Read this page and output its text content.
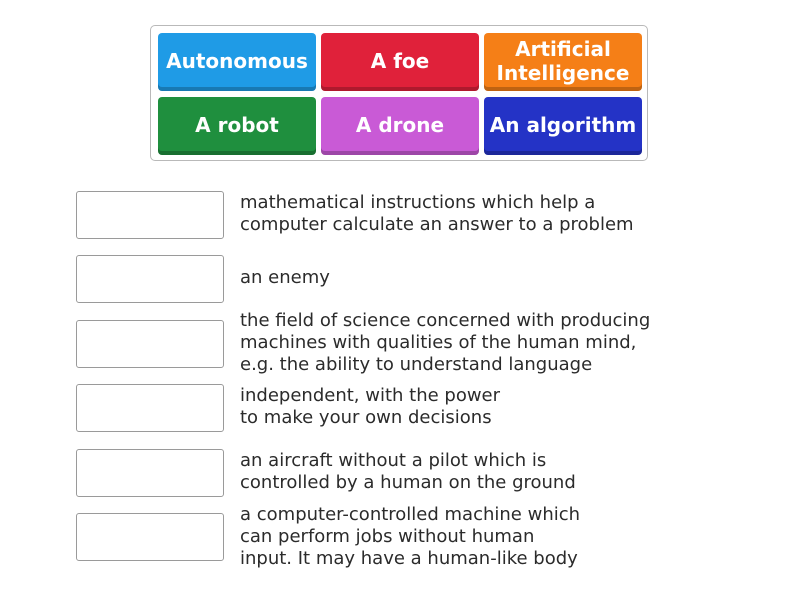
Autonomous	A foe	Artificial
Intelligence
A robot	A drone An algorithm
mathematical instructions which help a
computer calculate an answer to a problem
an enemy
the field of science concerned with producing
machines with qualities of the human mind,
e.g. the ability to understand language
independent, with the power
to make your own decisions
an aircraft without a pilot which is
controlled by a human on the ground
a computer-controlled machine which
can perform jobs without human
input. It may have a human-like body
